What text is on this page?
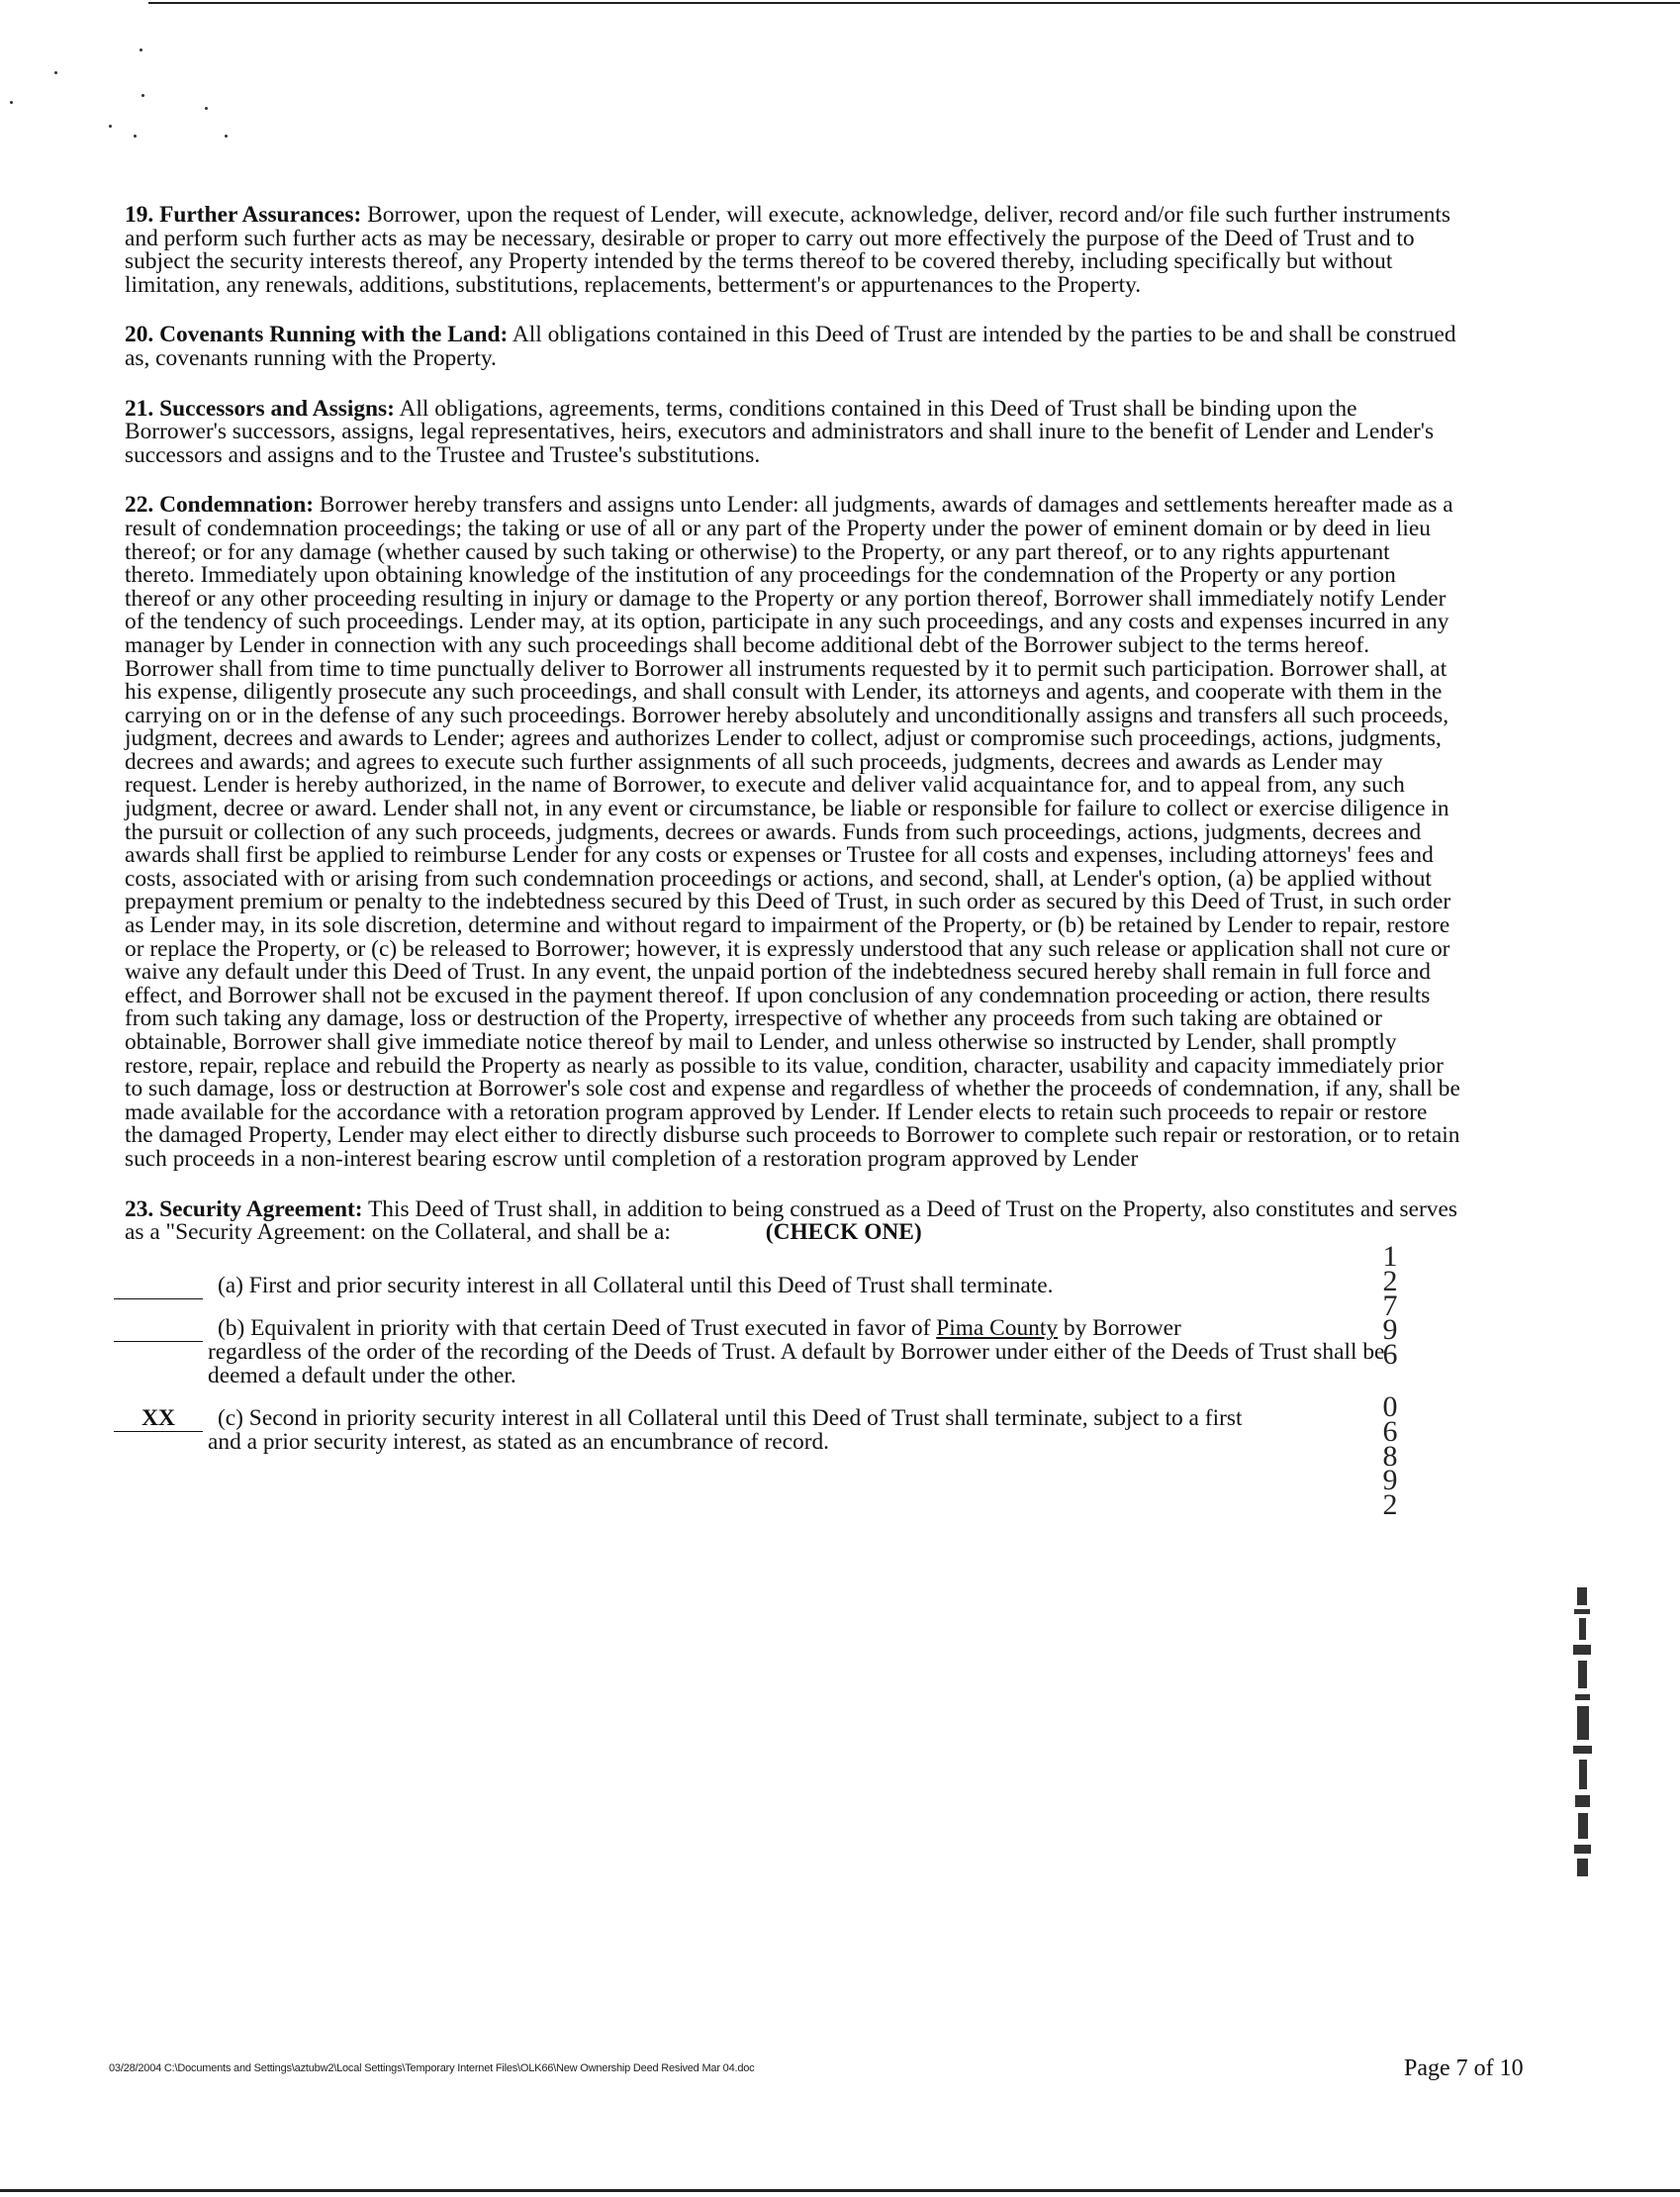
19. Further Assurances: Borrower, upon the request of Lender, will execute, acknowledge, deliver, record and/or file such further instruments and perform such further acts as may be necessary, desirable or proper to carry out more effectively the purpose of the Deed of Trust and to subject the security interests thereof, any Property intended by the terms thereof to be covered thereby, including specifically but without limitation, any renewals, additions, substitutions, replacements, betterment's or appurtenances to the Property.

20. Covenants Running with the Land: All obligations contained in this Deed of Trust are intended by the parties to be and shall be construed as, covenants running with the Property.

21. Successors and Assigns: All obligations, agreements, terms, conditions contained in this Deed of Trust shall be binding upon the Borrower's successors, assigns, legal representatives, heirs, executors and administrators and shall inure to the benefit of Lender and Lender's successors and assigns and to the Trustee and Trustee's substitutions.

22. Condemnation: Borrower hereby transfers and assigns unto Lender: all judgments, awards of damages and settlements hereafter made as a result of condemnation proceedings; the taking or use of all or any part of the Property under the power of eminent domain or by deed in lieu thereof; or for any damage (whether caused by such taking or otherwise) to the Property, or any part thereof, or to any rights appurtenant thereto. Immediately upon obtaining knowledge of the institution of any proceedings for the condemnation of the Property or any portion thereof or any other proceeding resulting in injury or damage to the Property or any portion thereof, Borrower shall immediately notify Lender of the tendency of such proceedings. Lender may, at its option, participate in any such proceedings, and any costs and expenses incurred in any manager by Lender in connection with any such proceedings shall become additional debt of the Borrower subject to the terms hereof. Borrower shall from time to time punctually deliver to Borrower all instruments requested by it to permit such participation. Borrower shall, at his expense, diligently prosecute any such proceedings, and shall consult with Lender, its attorneys and agents, and cooperate with them in the carrying on or in the defense of any such proceedings. Borrower hereby absolutely and unconditionally assigns and transfers all such proceeds, judgment, decrees and awards to Lender; agrees and authorizes Lender to collect, adjust or compromise such proceedings, actions, judgments, decrees and awards; and agrees to execute such further assignments of all such proceeds, judgments, decrees and awards as Lender may request. Lender is hereby authorized, in the name of Borrower, to execute and deliver valid acquaintance for, and to appeal from, any such judgment, decree or award. Lender shall not, in any event or circumstance, be liable or responsible for failure to collect or exercise diligence in the pursuit or collection of any such proceeds, judgments, decrees or awards. Funds from such proceedings, actions, judgments, decrees and awards shall first be applied to reimburse Lender for any costs or expenses or Trustee for all costs and expenses, including attorneys' fees and costs, associated with or arising from such condemnation proceedings or actions, and second, shall, at Lender's option, (a) be applied without prepayment premium or penalty to the indebtedness secured by this Deed of Trust, in such order as secured by this Deed of Trust, in such order as Lender may, in its sole discretion, determine and without regard to impairment of the Property, or (b) be retained by Lender to repair, restore or replace the Property, or (c) be released to Borrower; however, it is expressly understood that any such release or application shall not cure or waive any default under this Deed of Trust. In any event, the unpaid portion of the indebtedness secured hereby shall remain in full force and effect, and Borrower shall not be excused in the payment thereof. If upon conclusion of any condemnation proceeding or action, there results from such taking any damage, loss or destruction of the Property, irrespective of whether any proceeds from such taking are obtained or obtainable, Borrower shall give immediate notice thereof by mail to Lender, and unless otherwise so instructed by Lender, shall promptly restore, repair, replace and rebuild the Property as nearly as possible to its value, condition, character, usability and capacity immediately prior to such damage, loss or destruction at Borrower's sole cost and expense and regardless of whether the proceeds of condemnation, if any, shall be made available for the accordance with a retoration program approved by Lender. If Lender elects to retain such proceeds to repair or restore the damaged Property, Lender may elect either to directly disburse such proceeds to Borrower to complete such repair or restoration, or to retain such proceeds in a non-interest bearing escrow until completion of a restoration program approved by Lender

23. Security Agreement: This Deed of Trust shall, in addition to being construed as a Deed of Trust on the Property, also constitutes and serves as a "Security Agreement: on the Collateral, and shall be a:	(CHECK ONE)

(a) First and prior security interest in all Collateral until this Deed of Trust shall terminate.
(b) Equivalent in priority with that certain Deed of Trust executed in favor of Pima County by Borrower
regardless of the order of the recording of the Deeds of Trust. A default by Borrower under either of the Deeds of Trust shall be deemed a default under the other.
XX	(c) Second in priority security interest in all Collateral until this Deed of Trust shall terminate, subject to a first
and a prior security interest, as stated as an encumbrance of record.
1
2
7
9
6
0
6
8
9
2
03/28/2004 C:\Documents and Settings\aztubw2\Local Settings\Temporary Internet Files\OLK66\New Ownership Deed Resived Mar 04.doc	Page 7 of 10
